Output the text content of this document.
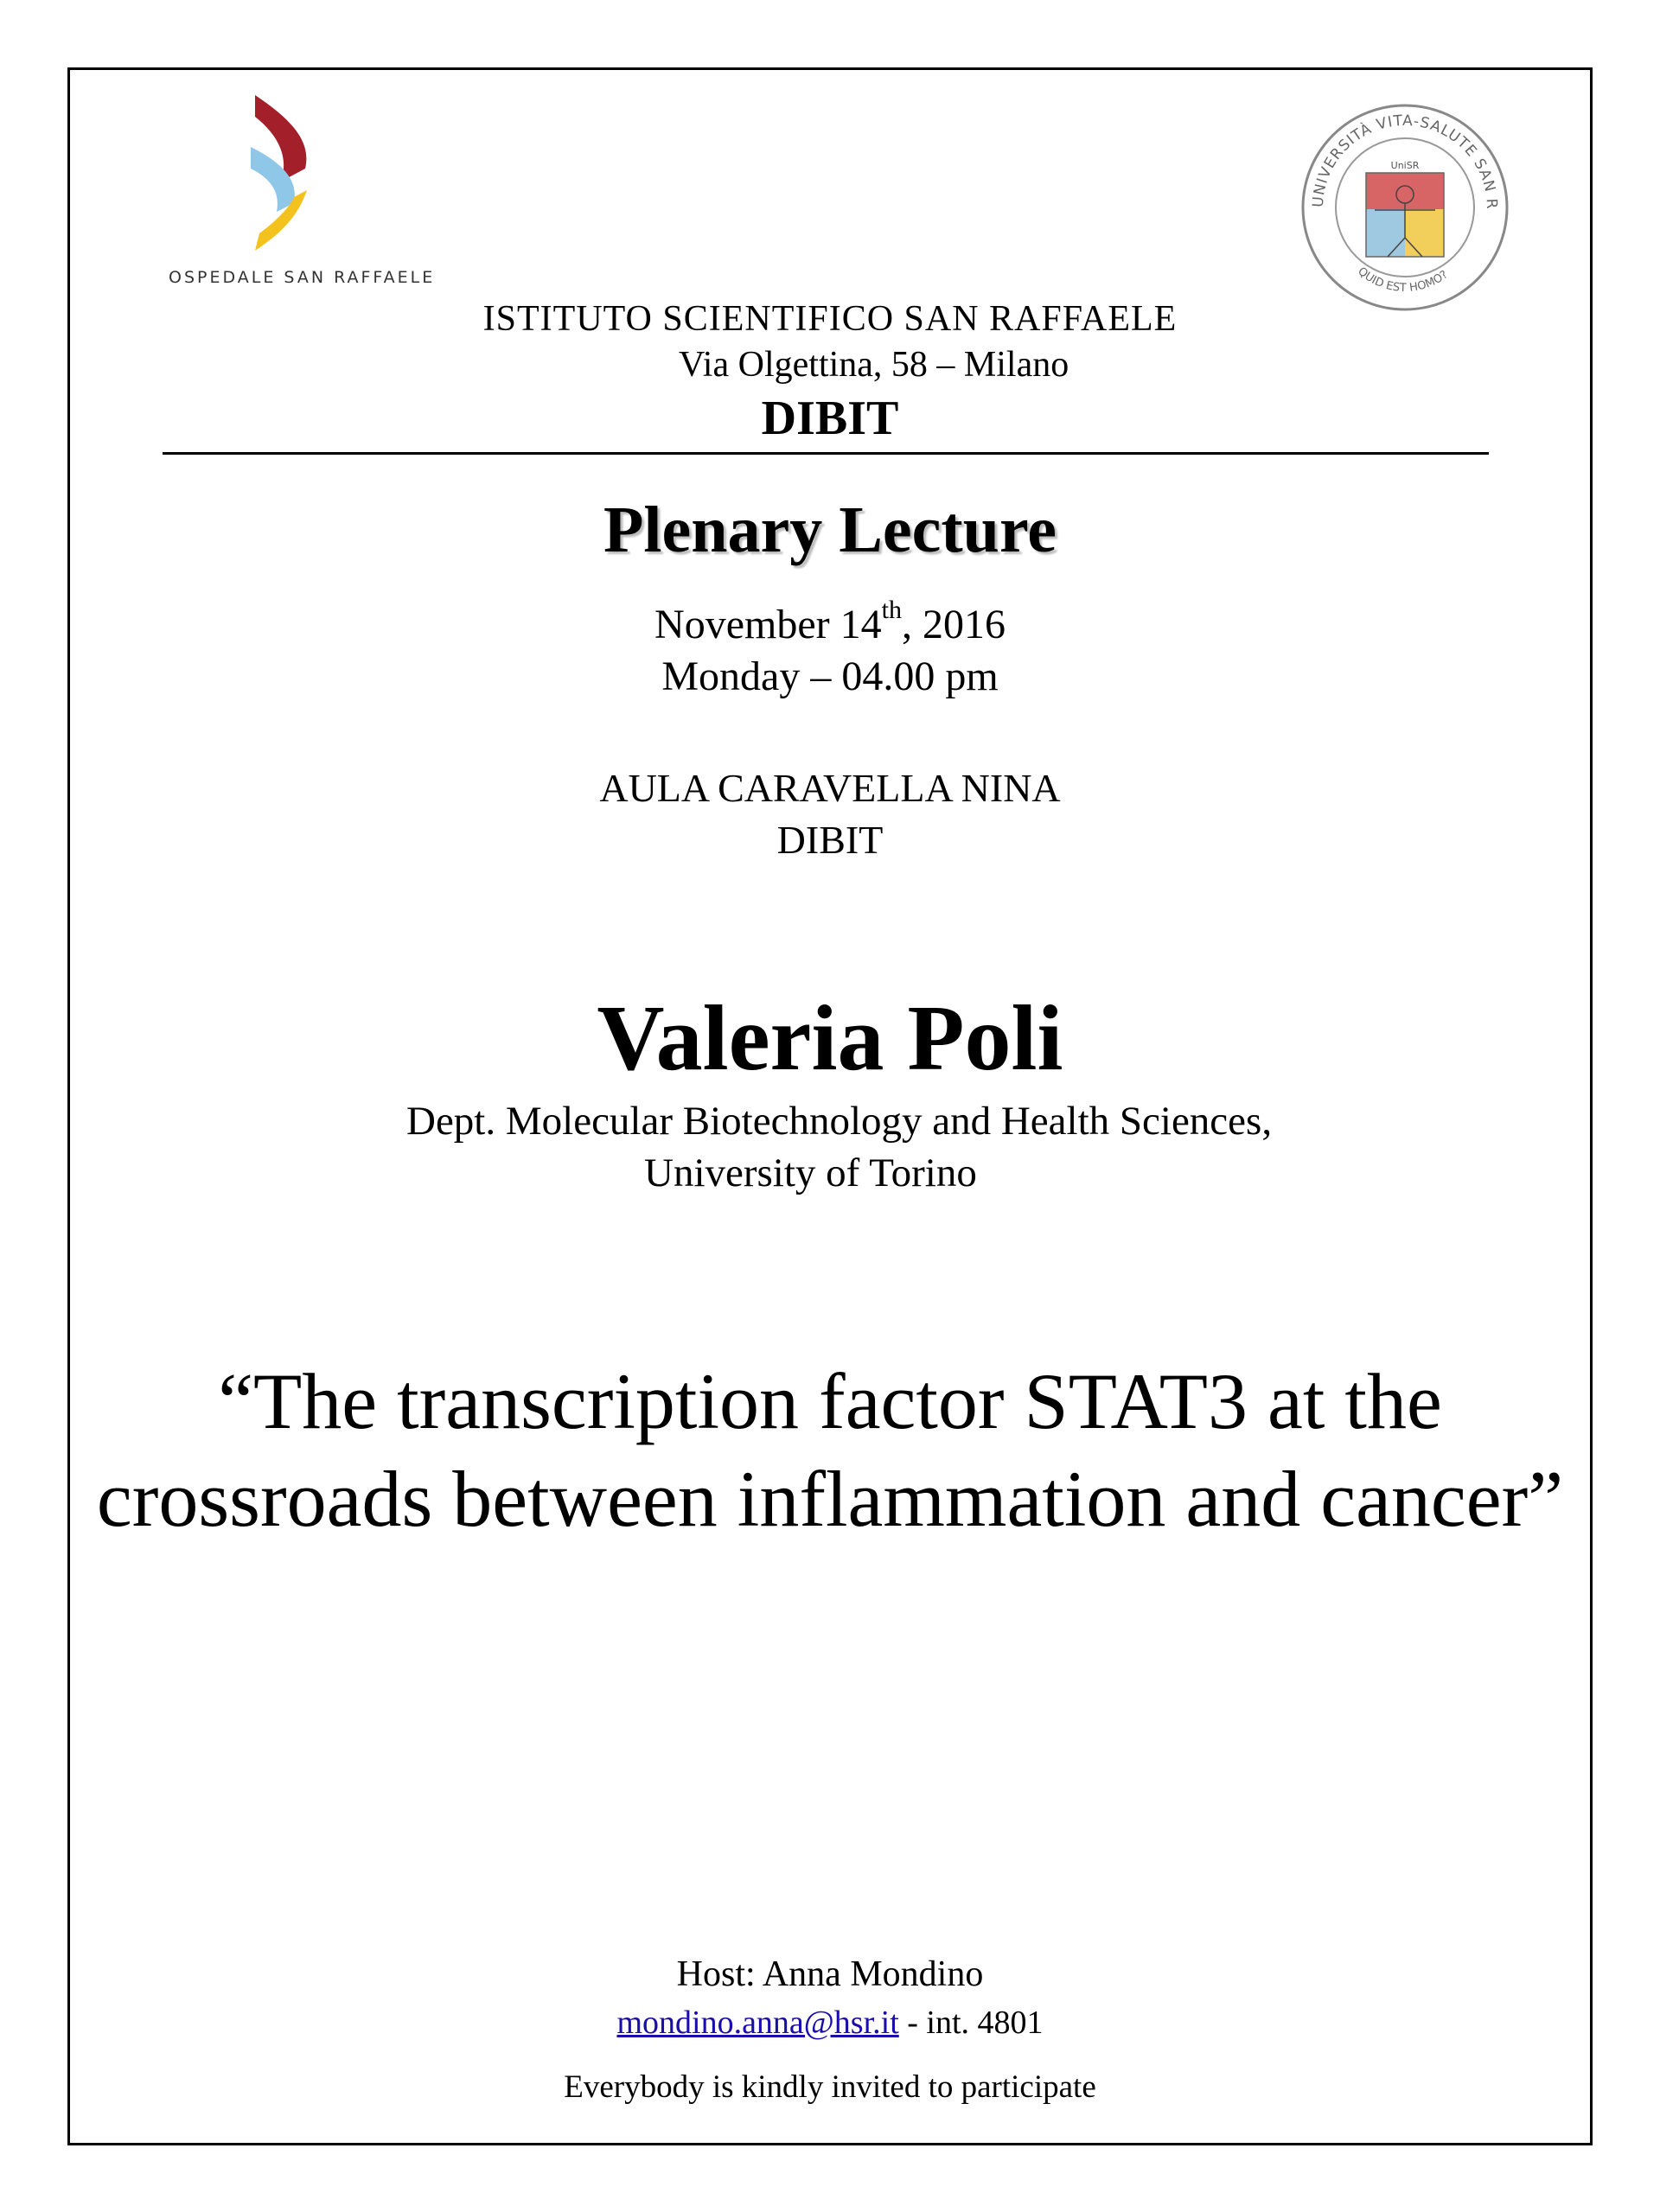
OSPEDALE SAN RAFFAELE
UNIVERSITÀ VITA-SALUTE SAN R
QUID EST HOMO?
UniSR
ISTITUTO SCIENTIFICO SAN RAFFAELE
Via Olgettina, 58 – Milano
DIBIT
Plenary Lecture
November 14th, 2016
Monday – 04.00 pm
AULA CARAVELLA NINA
DIBIT
Valeria Poli
Dept. Molecular Biotechnology and Health Sciences,
University of Torino
“The transcription factor STAT3 at the crossroads between inflammation and cancer”
Host: Anna Mondino
mondino.anna@hsr.it - int. 4801
Everybody is kindly invited to participate
